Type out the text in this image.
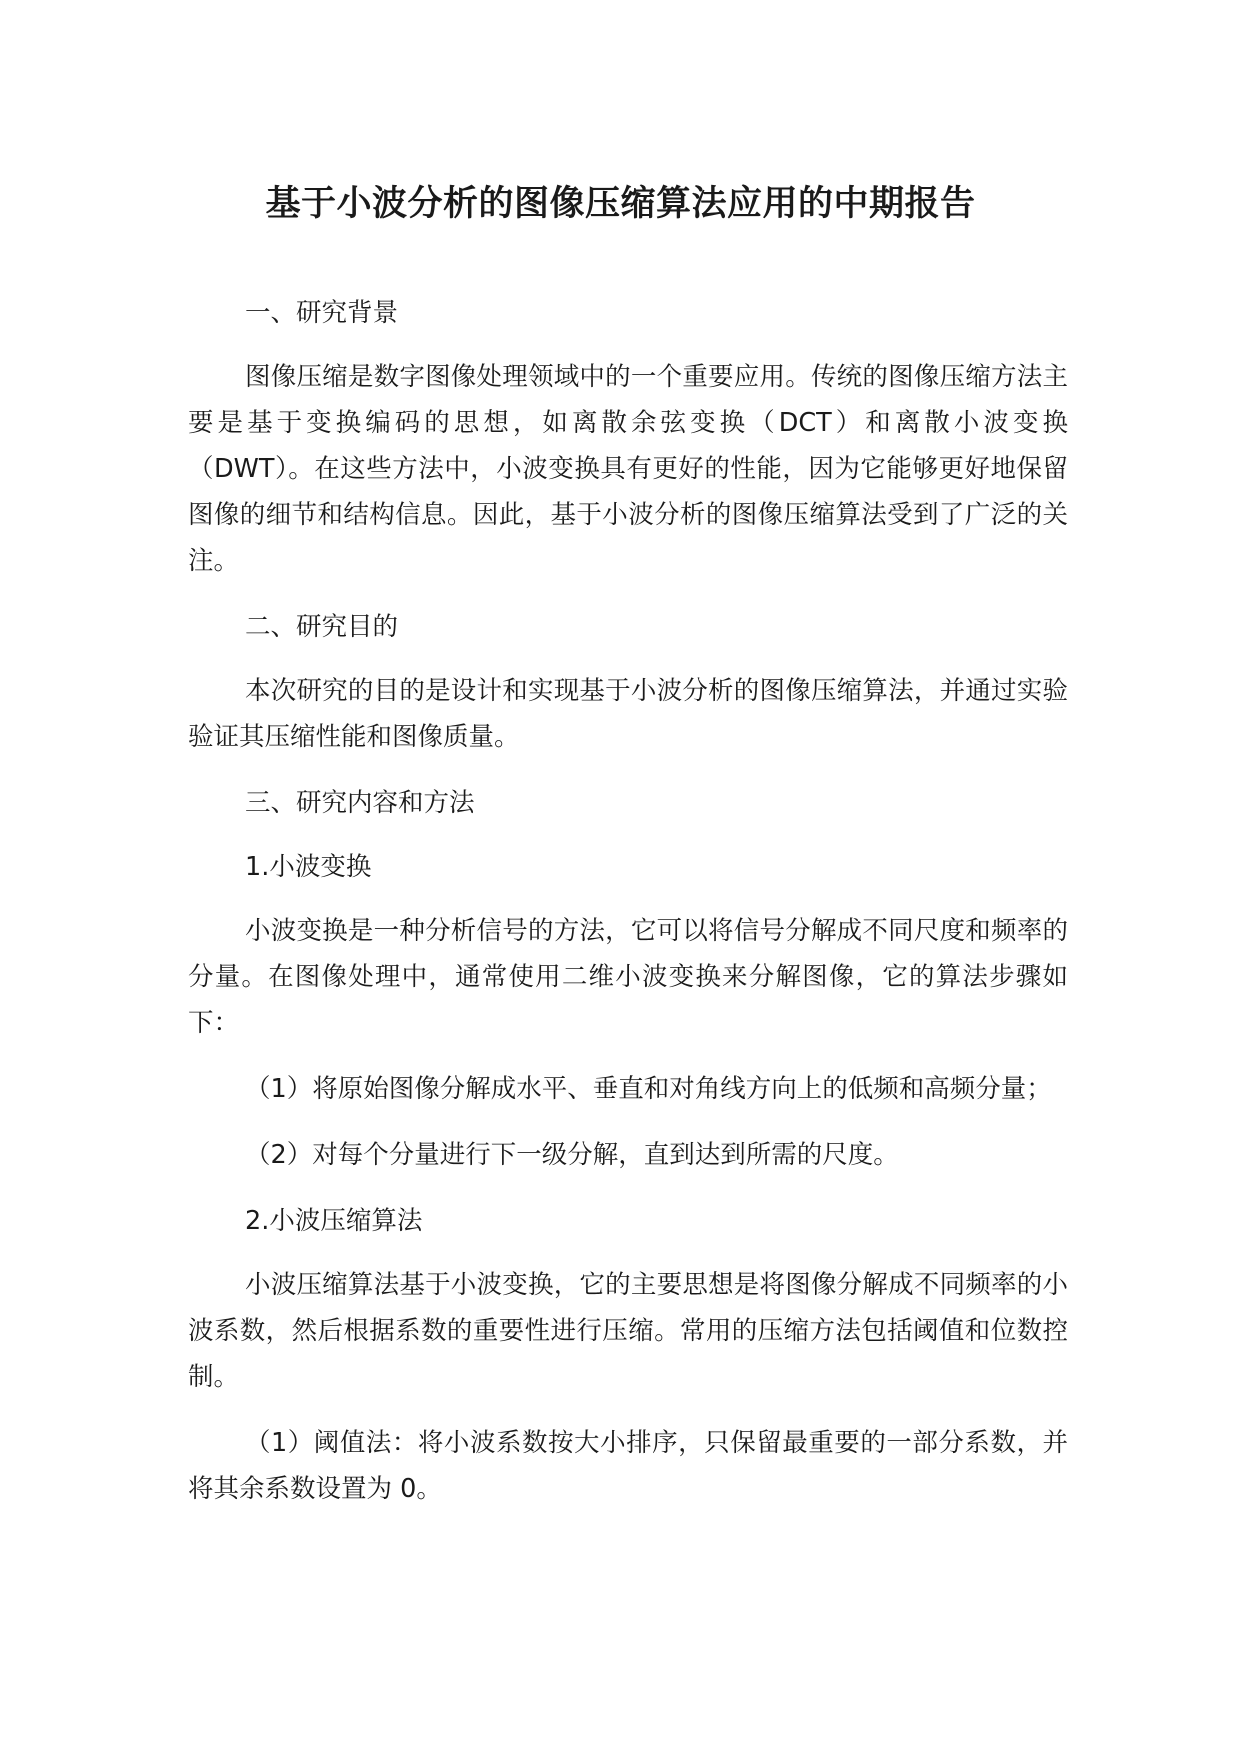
基于小波分析的图像压缩算法应用的中期报告

一、研究背景

图像压缩是数字图像处理领域中的一个重要应用。传统的图像压缩方法主要是基于变换编码的思想，如离散余弦变换（DCT）和离散小波变换（DWT）。在这些方法中，小波变换具有更好的性能，因为它能够更好地保留图像的细节和结构信息。因此，基于小波分析的图像压缩算法受到了广泛的关注。

二、研究目的

本次研究的目的是设计和实现基于小波分析的图像压缩算法，并通过实验验证其压缩性能和图像质量。

三、研究内容和方法

1.小波变换

小波变换是一种分析信号的方法，它可以将信号分解成不同尺度和频率的分量。在图像处理中，通常使用二维小波变换来分解图像，它的算法步骤如下：

（1）将原始图像分解成水平、垂直和对角线方向上的低频和高频分量；

（2）对每个分量进行下一级分解，直到达到所需的尺度。

2.小波压缩算法

小波压缩算法基于小波变换，它的主要思想是将图像分解成不同频率的小波系数，然后根据系数的重要性进行压缩。常用的压缩方法包括阈值和位数控制。

（1）阈值法：将小波系数按大小排序，只保留最重要的一部分系数，并将其余系数设置为 0。
